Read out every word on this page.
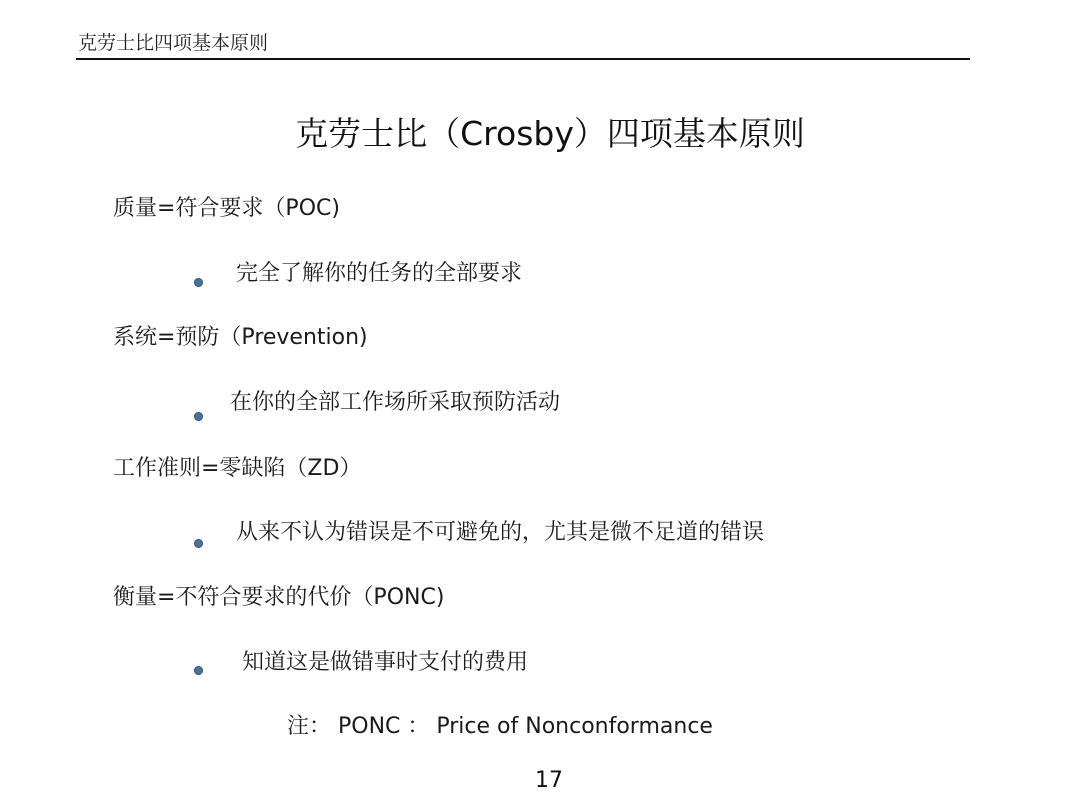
克劳士比四项基本原则
克劳士比（Crosby）四项基本原则
质量=符合要求（POC)
完全了解你的任务的全部要求
系统=预防（Prevention)
在你的全部工作场所采取预防活动
工作准则=零缺陷（ZD）
从来不认为错误是不可避免的，尤其是微不足道的错误
衡量=不符合要求的代价（PONC)
知道这是做错事时支付的费用
注： PONC ： Price of Nonconformance
17
